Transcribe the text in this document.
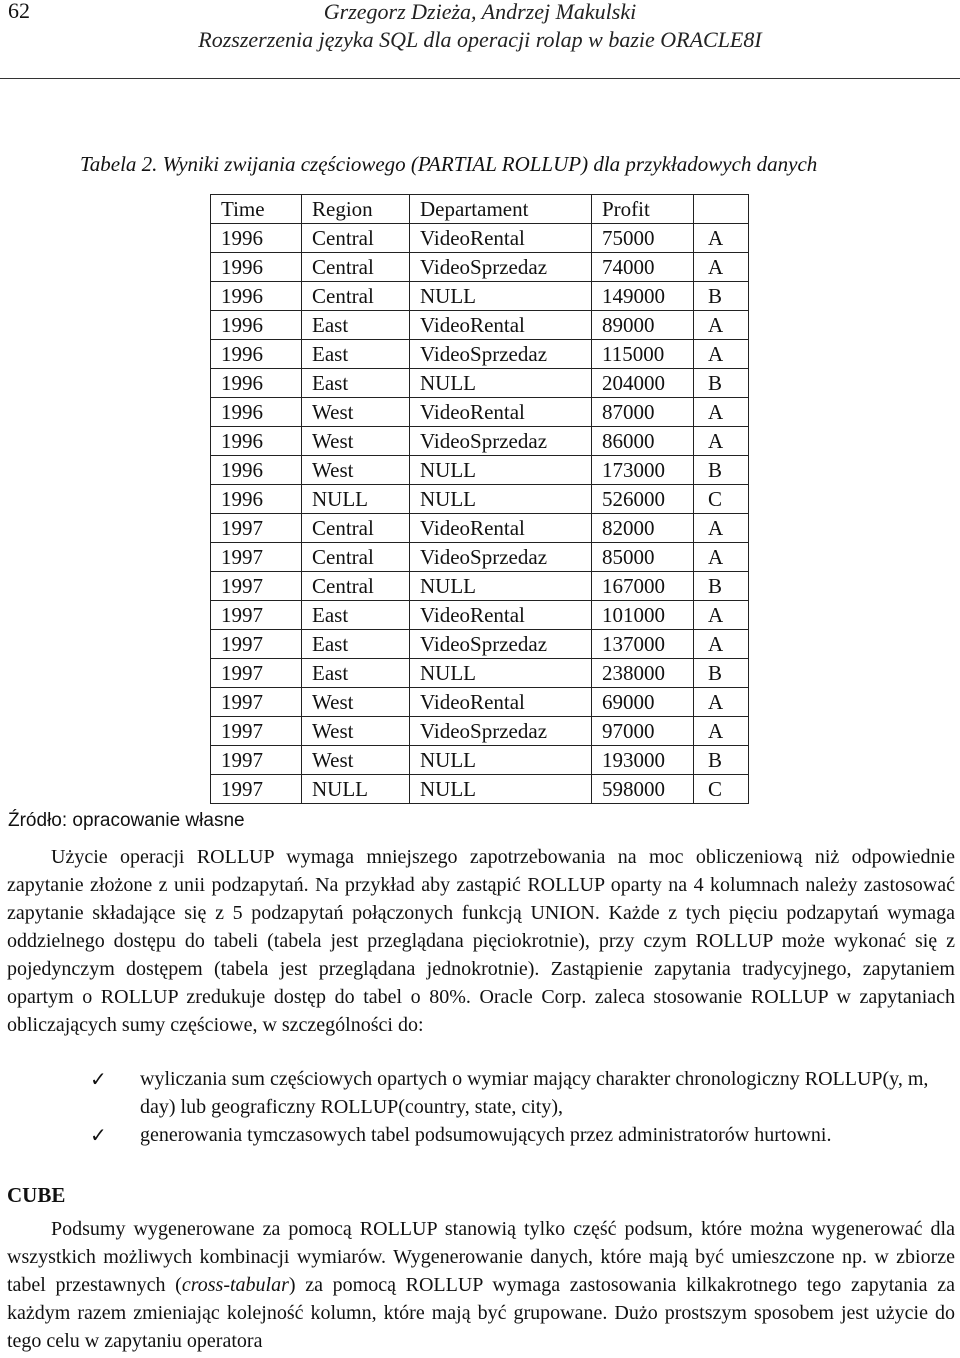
62	Grzegorz Dzieża, Andrzej Makulski
Rozszerzenia języka SQL dla operacji rolap w bazie ORACLE8I
Tabela 2. Wyniki zwijania częściowego (PARTIAL ROLLUP) dla przykładowych danych
Time	Region	Departament	Profit	
1996	Central	VideoRental	75000	A
1996	Central	VideoSprzedaz	74000	A
1996	Central	NULL	149000	B
1996	East	VideoRental	89000	A
1996	East	VideoSprzedaz	115000	A
1996	East	NULL	204000	B
1996	West	VideoRental	87000	A
1996	West	VideoSprzedaz	86000	A
1996	West	NULL	173000	B
1996	NULL	NULL	526000	C
1997	Central	VideoRental	82000	A
1997	Central	VideoSprzedaz	85000	A
1997	Central	NULL	167000	B
1997	East	VideoRental	101000	A
1997	East	VideoSprzedaz	137000	A
1997	East	NULL	238000	B
1997	West	VideoRental	69000	A
1997	West	VideoSprzedaz	97000	A
1997	West	NULL	193000	B
1997	NULL	NULL	598000	C
Źródło: opracowanie własne

Użycie operacji ROLLUP wymaga mniejszego zapotrzebowania na moc obliczeniową niż odpowiednie zapytanie złożone z unii podzapytań. Na przykład aby zastąpić ROLLUP oparty na 4 kolumnach należy zastosować zapytanie składające się z 5 podzapytań połączonych funkcją UNION. Każde z tych pięciu podzapytań wymaga oddzielnego dostępu do tabeli (tabela jest przeglądana pięciokrotnie), przy czym ROLLUP może wykonać się z pojedynczym dostępem (tabela jest przeglądana jednokrotnie). Zastąpienie zapytania tradycyjnego, zapytaniem opartym o ROLLUP zredukuje dostęp do tabel o 80%. Oracle Corp. zaleca stosowanie ROLLUP w zapytaniach obliczających sumy częściowe, w szczególności do:

✓ wyliczania sum częściowych opartych o wymiar mający charakter chronologiczny ROLLUP(y, m, day) lub geograficzny ROLLUP(country, state, city),
✓ generowania tymczasowych tabel podsumowujących przez administratorów hurtowni.
CUBE

Podsumy wygenerowane za pomocą ROLLUP stanowią tylko część podsum, które można wygenerować dla wszystkich możliwych kombinacji wymiarów. Wygenerowanie danych, które mają być umieszczone np. w zbiorze tabel przestawnych (cross-tabular) za pomocą ROLLUP wymaga zastosowania kilkakrotnego tego zapytania za każdym razem zmieniając kolejność kolumn, które mają być grupowane. Dużo prostszym sposobem jest użycie do tego celu w zapytaniu operatora
